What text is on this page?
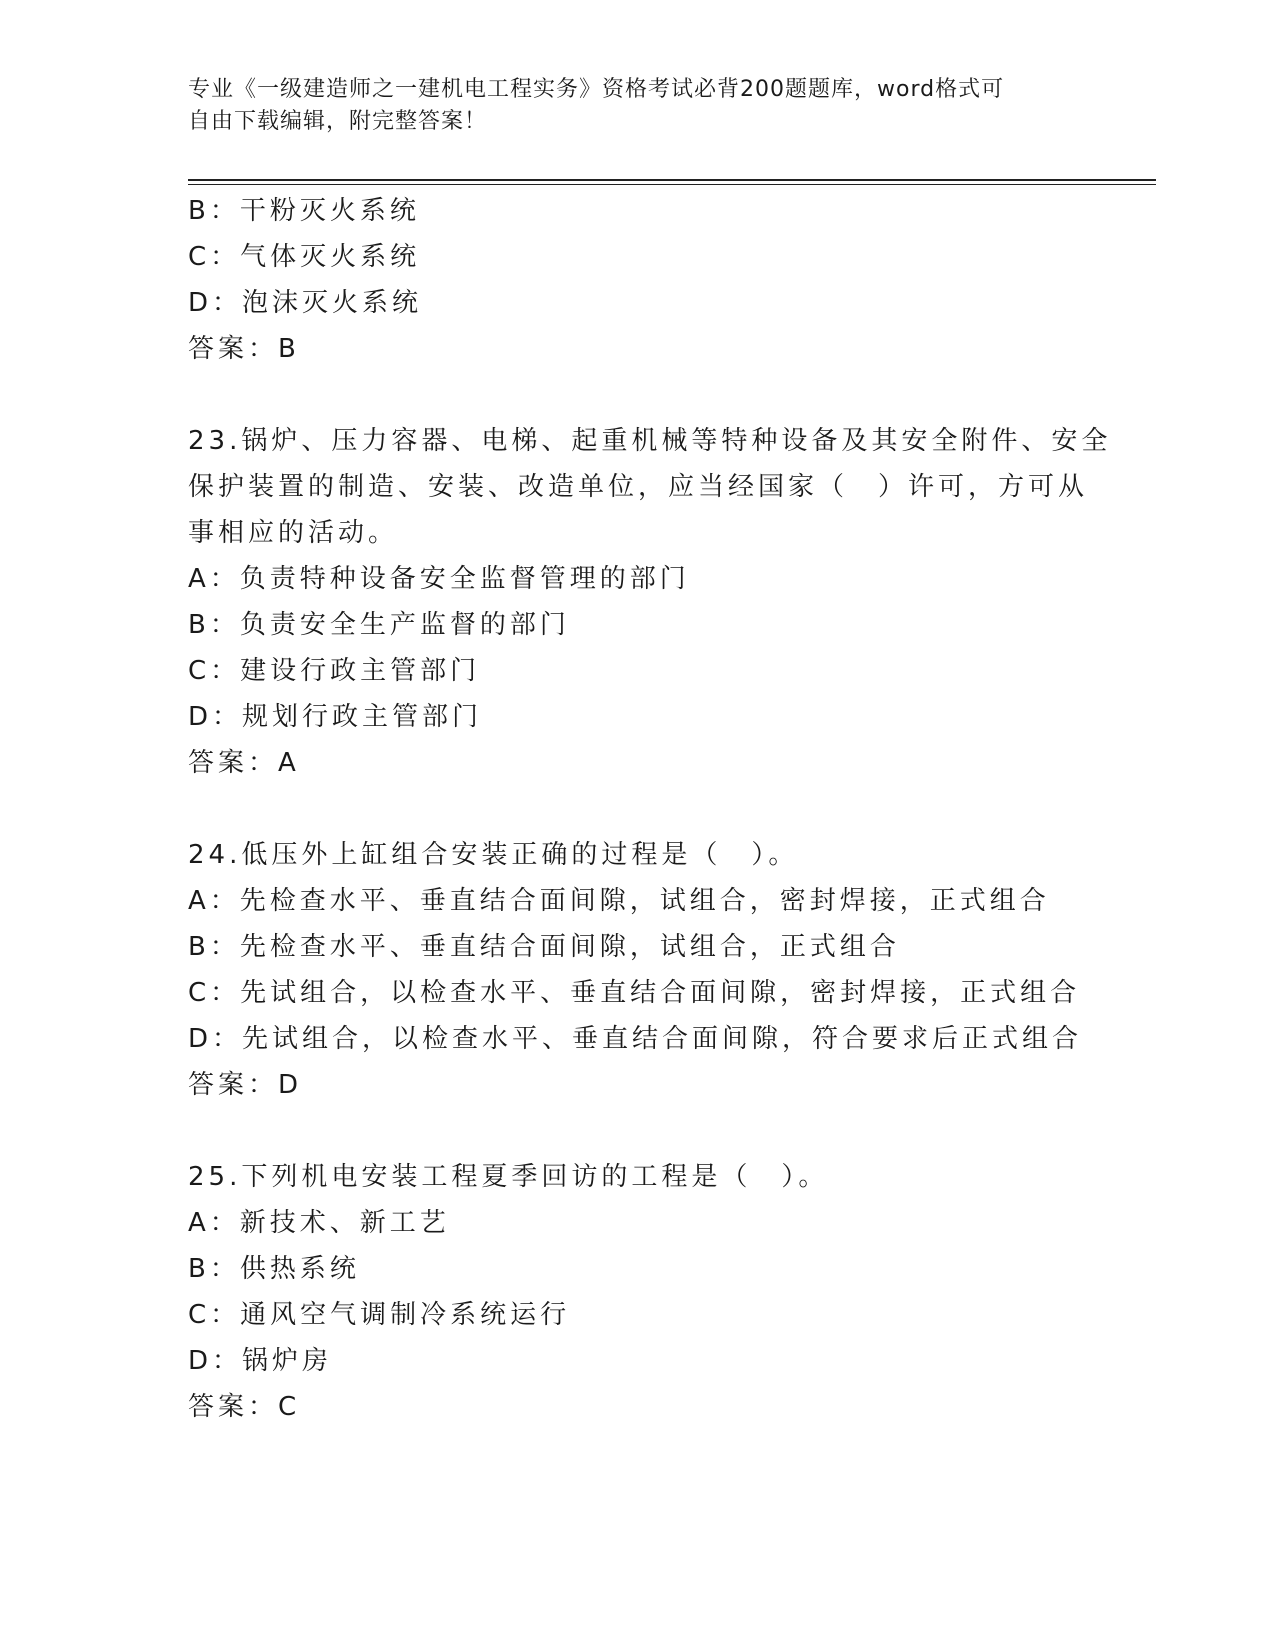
专业《一级建造师之一建机电工程实务》资格考试必背200题题库，word格式可
自由下载编辑，附完整答案！
B：干粉灭火系统
C：气体灭火系统
D：泡沫灭火系统
答案：B
23.锅炉、压力容器、电梯、起重机械等特种设备及其安全附件、安全
保护装置的制造、安装、改造单位，应当经国家（　）许可，方可从
事相应的活动。
A：负责特种设备安全监督管理的部门
B：负责安全生产监督的部门
C：建设行政主管部门
D：规划行政主管部门
答案：A
24.低压外上缸组合安装正确的过程是（　）。
A：先检查水平、垂直结合面间隙，试组合，密封焊接，正式组合
B：先检查水平、垂直结合面间隙，试组合，正式组合
C：先试组合，以检查水平、垂直结合面间隙，密封焊接，正式组合
D：先试组合，以检查水平、垂直结合面间隙，符合要求后正式组合
答案：D
25.下列机电安装工程夏季回访的工程是（　）。
A：新技术、新工艺
B：供热系统
C：通风空气调制冷系统运行
D：锅炉房
答案：C
